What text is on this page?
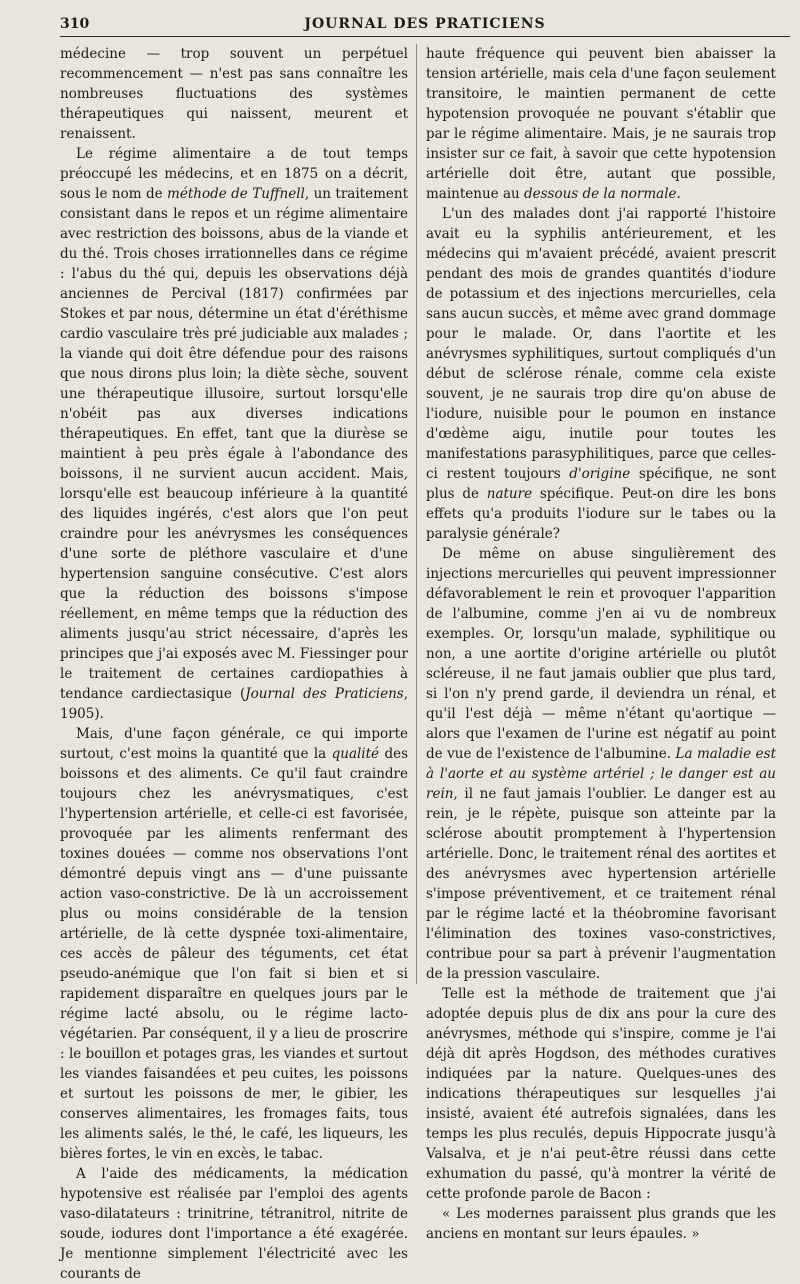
310	JOURNAL DES PRATICIENS

médecine — trop souvent un perpétuel recommencement — n'est pas sans connaître les nombreuses fluctuations des systèmes thérapeutiques qui naissent, meurent et renaissent.

Le régime alimentaire a de tout temps préoccupé les médecins, et en 1875 on a décrit, sous le nom de méthode de Tuffnell, un traitement consistant dans le repos et un régime alimentaire avec restriction des boissons, abus de la viande et du thé. Trois choses irrationnelles dans ce régime : l'abus du thé qui, depuis les observations déjà anciennes de Percival (1817) confirmées par Stokes et par nous, détermine un état d'éréthisme cardio vasculaire très pré judiciable aux malades ; la viande qui doit être défendue pour des raisons que nous dirons plus loin; la diète sèche, souvent une thérapeutique illusoire, surtout lorsqu'elle n'obéit pas aux diverses indications thérapeutiques. En effet, tant que la diurèse se maintient à peu près égale à l'abondance des boissons, il ne survient aucun accident. Mais, lorsqu'elle est beaucoup inférieure à la quantité des liquides ingérés, c'est alors que l'on peut craindre pour les anévrysmes les conséquences d'une sorte de pléthore vasculaire et d'une hypertension sanguine consécutive. C'est alors que la réduction des boissons s'impose réellement, en même temps que la réduction des aliments jusqu'au strict nécessaire, d'après les principes que j'ai exposés avec M. Fiessinger pour le traitement de certaines cardiopathies à tendance cardiectasique (Journal des Praticiens, 1905).

Mais, d'une façon générale, ce qui importe surtout, c'est moins la quantité que la qualité des boissons et des aliments. Ce qu'il faut craindre toujours chez les anévrysmatiques, c'est l'hypertension artérielle, et celle-ci est favorisée, provoquée par les aliments renfermant des toxines douées — comme nos observations l'ont démontré depuis vingt ans — d'une puissante action vaso-constrictive. De là un accroissement plus ou moins considérable de la tension artérielle, de là cette dyspnée toxi-alimentaire, ces accès de pâleur des téguments, cet état pseudo-anémique que l'on fait si bien et si rapidement disparaître en quelques jours par le régime lacté absolu, ou le régime lacto-végétarien. Par conséquent, il y a lieu de proscrire : le bouillon et potages gras, les viandes et surtout les viandes faisandées et peu cuites, les poissons et surtout les poissons de mer, le gibier, les conserves alimentaires, les fromages faits, tous les aliments salés, le thé, le café, les liqueurs, les bières fortes, le vin en excès, le tabac.

A l'aide des médicaments, la médication hypotensive est réalisée par l'emploi des agents vaso-dilatateurs : trinitrine, tétranitrol, nitrite de soude, iodures dont l'importance a été exagérée. Je mentionne simplement l'électricité avec les courants de

haute fréquence qui peuvent bien abaisser la tension artérielle, mais cela d'une façon seulement transitoire, le maintien permanent de cette hypotension provoquée ne pouvant s'établir que par le régime alimentaire. Mais, je ne saurais trop insister sur ce fait, à savoir que cette hypotension artérielle doit être, autant que possible, maintenue au dessous de la normale.

L'un des malades dont j'ai rapporté l'histoire avait eu la syphilis antérieurement, et les médecins qui m'avaient précédé, avaient prescrit pendant des mois de grandes quantités d'iodure de potassium et des injections mercurielles, cela sans aucun succès, et même avec grand dommage pour le malade. Or, dans l'aortite et les anévrysmes syphilitiques, surtout compliqués d'un début de sclérose rénale, comme cela existe souvent, je ne saurais trop dire qu'on abuse de l'iodure, nuisible pour le poumon en instance d'œdème aigu, inutile pour toutes les manifestations parasyphilitiques, parce que celles-ci restent toujours d'origine spécifique, ne sont plus de nature spécifique. Peut-on dire les bons effets qu'a produits l'iodure sur le tabes ou la paralysie générale?

De même on abuse singulièrement des injections mercurielles qui peuvent impressionner défavorablement le rein et provoquer l'apparition de l'albumine, comme j'en ai vu de nombreux exemples. Or, lorsqu'un malade, syphilitique ou non, a une aortite d'origine artérielle ou plutôt scléreuse, il ne faut jamais oublier que plus tard, si l'on n'y prend garde, il deviendra un rénal, et qu'il l'est déjà — même n'étant qu'aortique — alors que l'examen de l'urine est négatif au point de vue de l'existence de l'albumine. La maladie est à l'aorte et au système artériel ; le danger est au rein, il ne faut jamais l'oublier. Le danger est au rein, je le répète, puisque son atteinte par la sclérose aboutit promptement à l'hypertension artérielle. Donc, le traitement rénal des aortites et des anévrysmes avec hypertension artérielle s'impose préventivement, et ce traitement rénal par le régime lacté et la théobromine favorisant l'élimination des toxines vaso-constrictives, contribue pour sa part à prévenir l'augmentation de la pression vasculaire.

Telle est la méthode de traitement que j'ai adoptée depuis plus de dix ans pour la cure des anévrysmes, méthode qui s'inspire, comme je l'ai déjà dit après Hogdson, des méthodes curatives indiquées par la nature. Quelques-unes des indications thérapeutiques sur lesquelles j'ai insisté, avaient été autrefois signalées, dans les temps les plus reculés, depuis Hippocrate jusqu'à Valsalva, et je n'ai peut-être réussi dans cette exhumation du passé, qu'à montrer la vérité de cette profonde parole de Bacon :

« Les modernes paraissent plus grands que les anciens en montant sur leurs épaules. »
